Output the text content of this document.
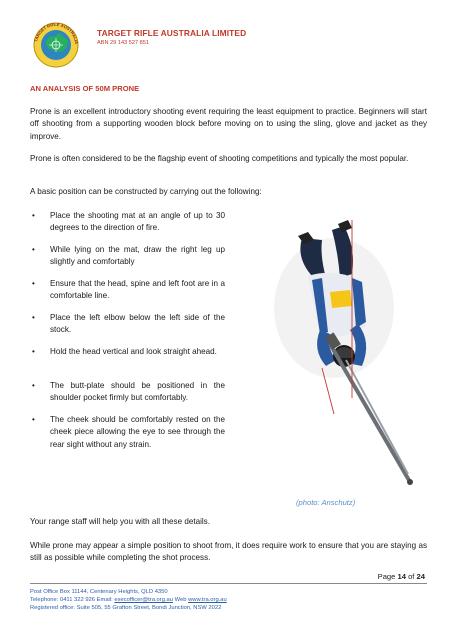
TARGET RIFLE AUSTRALIA
TARGET RIFLE AUSTRALIA LIMITED
ABN 29 143 527 851
AN ANALYSIS OF 50M PRONE

Prone is an excellent introductory shooting event requiring the least equipment to practice. Beginners will start off shooting from a supporting wooden block before moving on to using the sling, glove and jacket as they improve.

Prone is often considered to be the flagship event of shooting competitions and typically the most popular.

A basic position can be constructed by carrying out the following:

• Place the shooting mat at an angle of up to 30 degrees to the direction of fire.
• While lying on the mat, draw the right leg up slightly and comfortably
• Ensure that the head, spine and left foot are in a comfortable line.
• Place the left elbow below the left side of the stock.
• Hold the head vertical and look straight ahead.
• The butt-plate should be positioned in the shoulder pocket firmly but comfortably.
• The cheek should be comfortably rested on the cheek piece allowing the eye to see through the rear sight without any strain.
(photo: Anschutz)

Your range staff will help you with all these details.

While prone may appear a simple position to shoot from, it does require work to ensure that you are staying as still as possible while completing the shot process.

Page 14 of 24
Post Office Box 11144, Centenary Heights, QLD 4350
Telephone: 0411 322 926 Email: execofficer@tra.org.au Web www.tra.org.au
Registered office: Suite 505, 55 Grafton Street, Bondi Junction, NSW 2022
